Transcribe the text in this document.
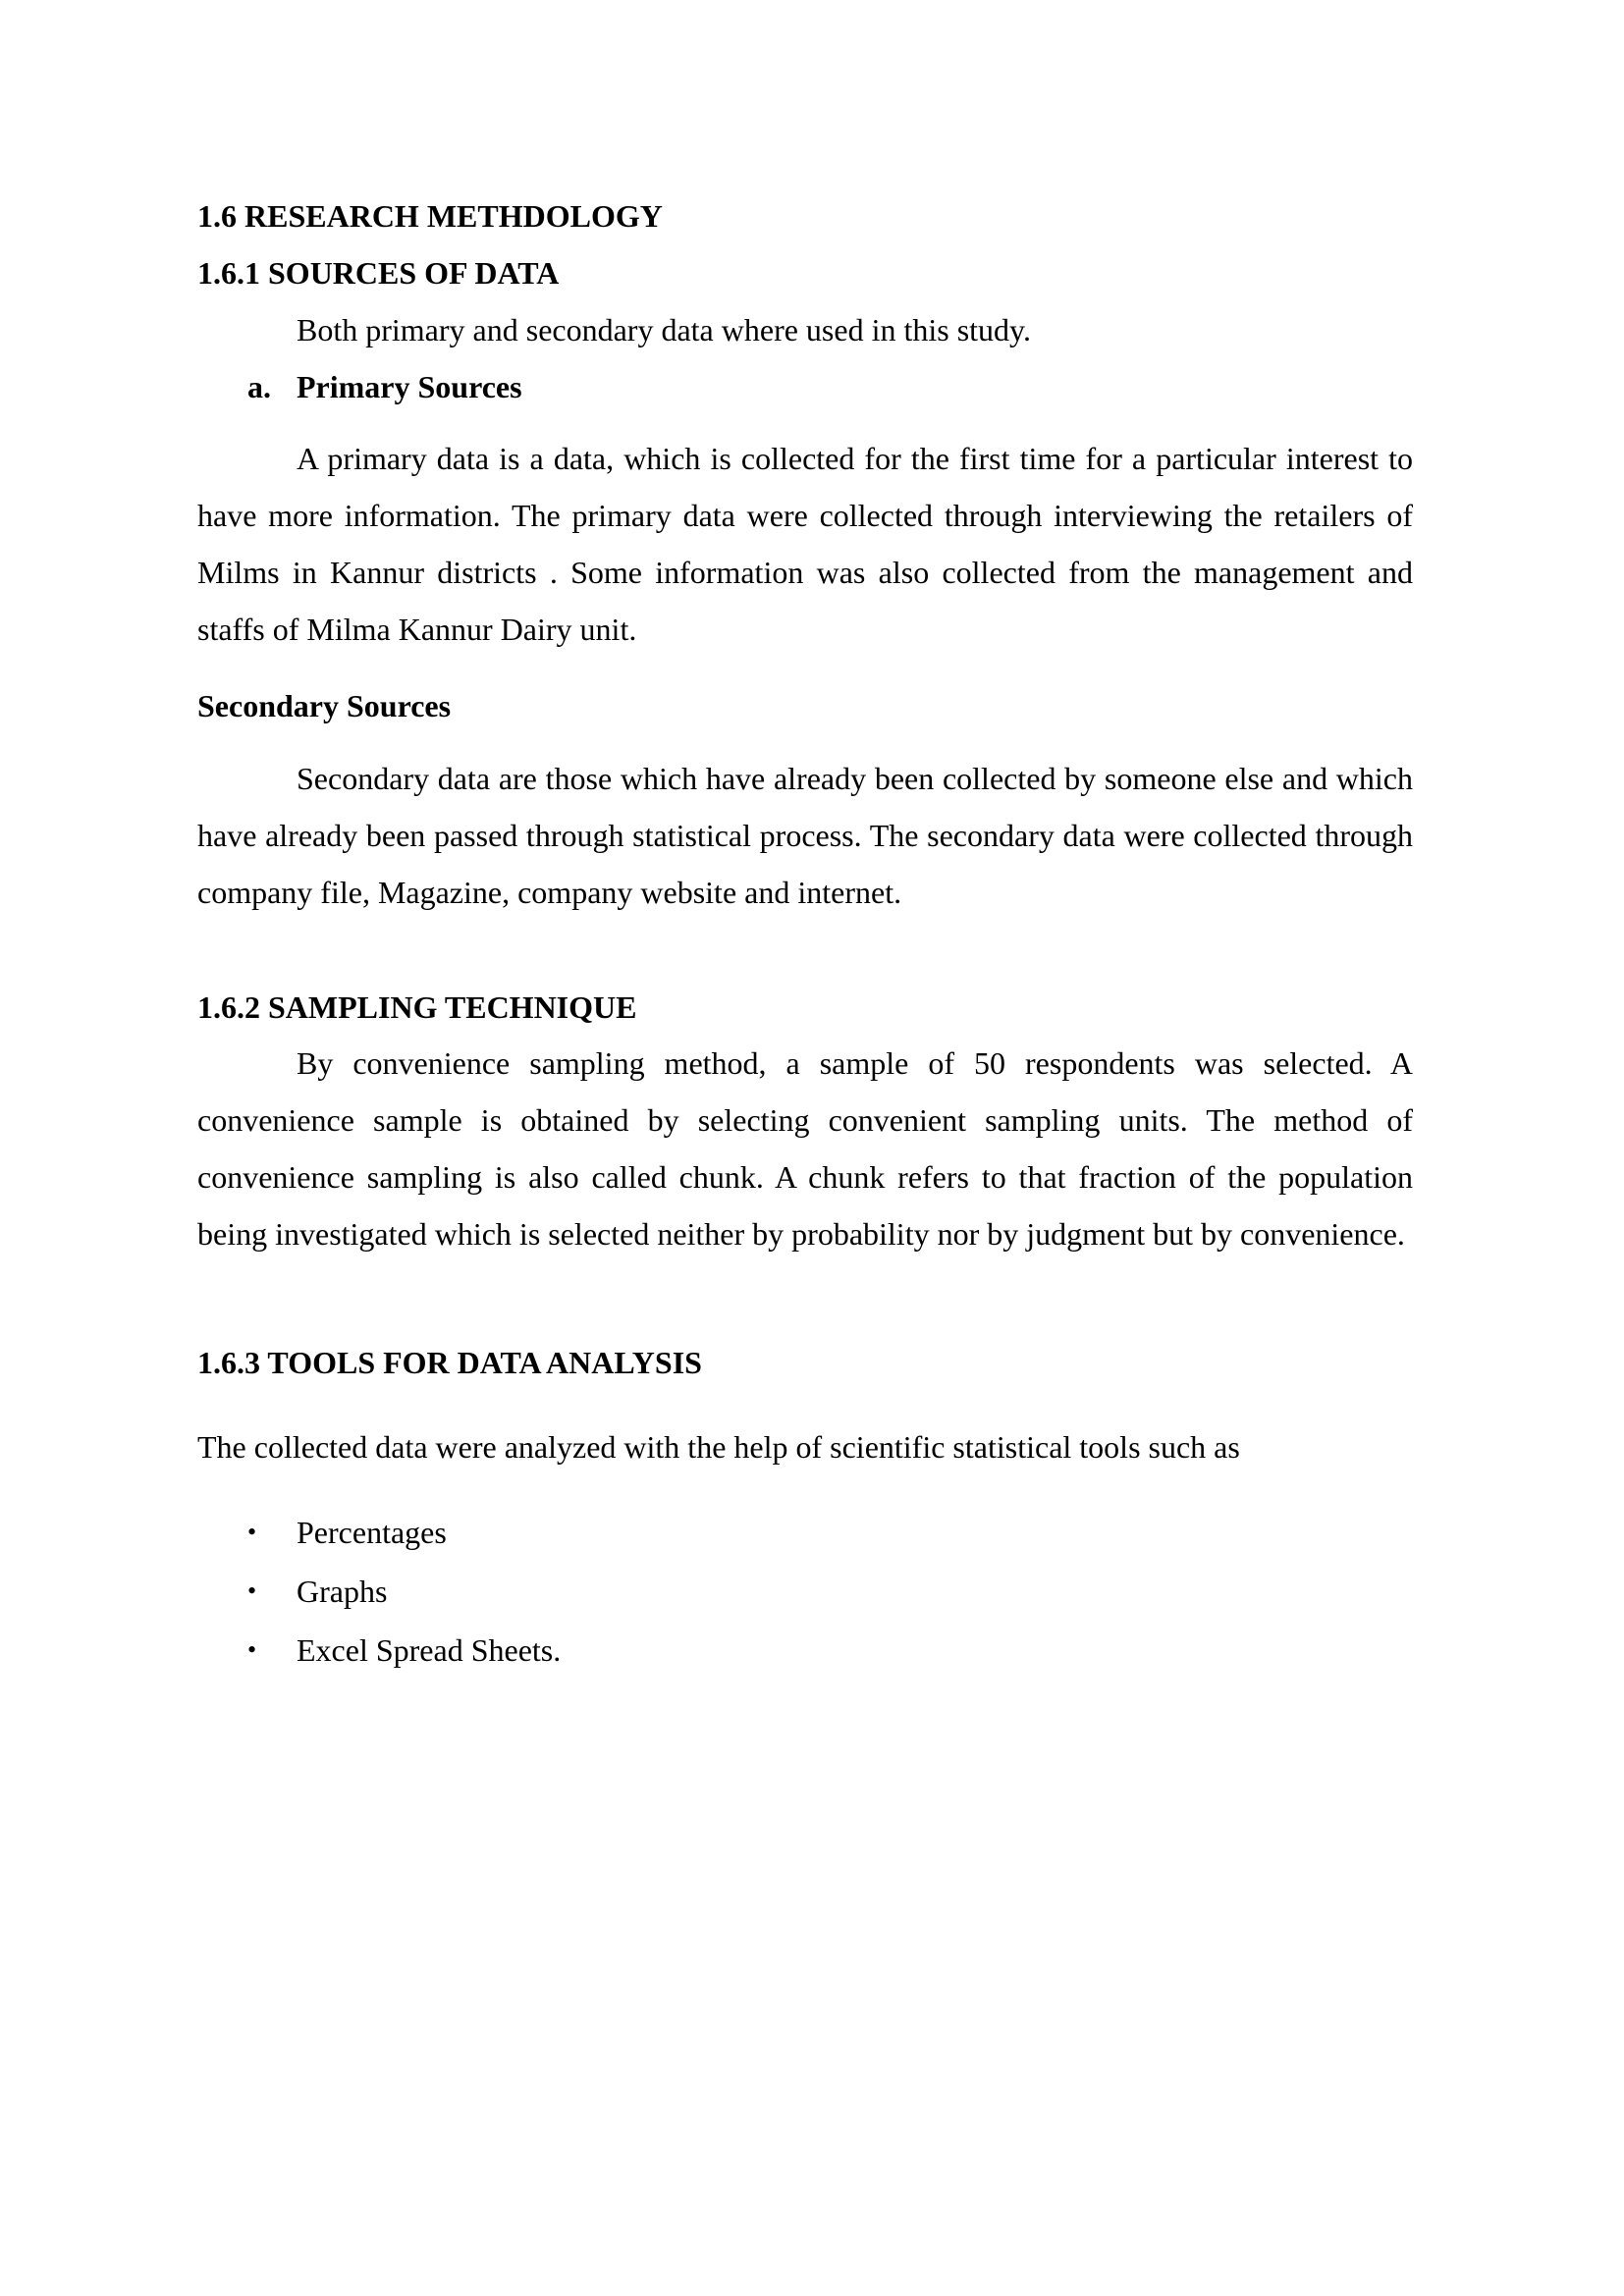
1.6 RESEARCH METHDOLOGY
1.6.1 SOURCES OF DATA
Both primary and secondary data where used in this study.
a. Primary Sources

A primary data is a data, which is collected for the first time for a particular interest to have more information. The primary data were collected through interviewing the retailers of Milms in Kannur districts . Some information was also collected from the management and staffs of Milma Kannur Dairy unit.

Secondary Sources

Secondary data are those which have already been collected by someone else and which have already been passed through statistical process. The secondary data were collected through company file, Magazine, company website and internet.

1.6.2 SAMPLING TECHNIQUE

By convenience sampling method, a sample of 50 respondents was selected. A convenience sample is obtained by selecting convenient sampling units. The method of convenience sampling is also called chunk. A chunk refers to that fraction of the population being investigated which is selected neither by probability nor by judgment but by convenience.

1.6.3 TOOLS FOR DATA ANALYSIS
The collected data were analyzed with the help of scientific statistical tools such as
• Percentages
• Graphs
• Excel Spread Sheets.
